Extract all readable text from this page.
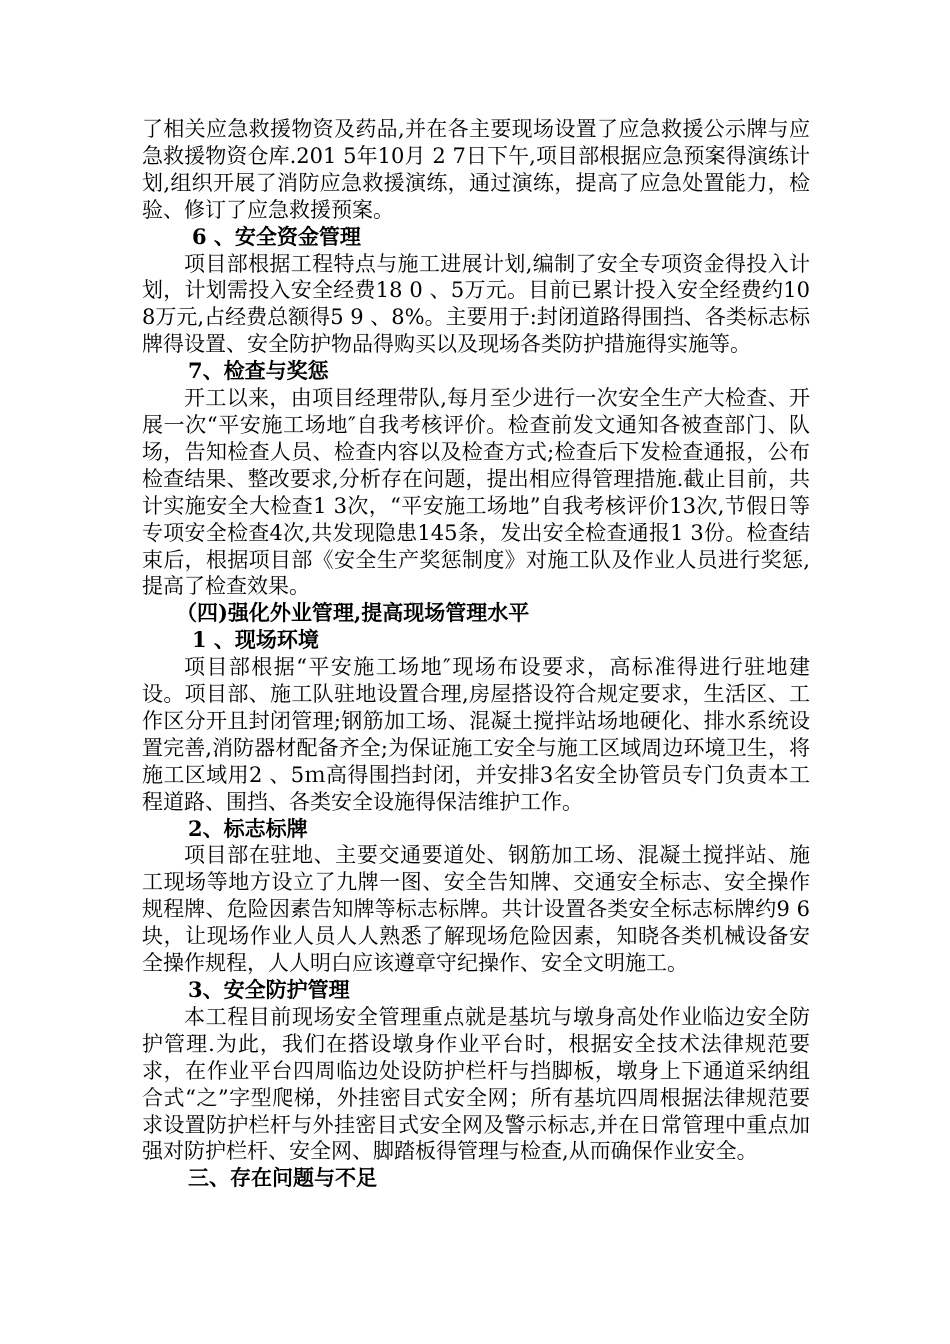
了相关应急救援物资及药品,并在各主要现场设置了应急救援公示牌与应急救援物资仓库.201 5年10月 2 7日下午,项目部根据应急预案得演练计划,组织开展了消防应急救援演练，通过演练，提高了应急处置能力，检验、修订了应急救援预案。

6 、安全资金管理

项目部根据工程特点与施工进展计划,编制了安全专项资金得投入计划，计划需投入安全经费18 0 、5万元。目前已累计投入安全经费约108万元,占经费总额得5 9 、8%。主要用于:封闭道路得围挡、各类标志标牌得设置、安全防护物品得购买以及现场各类防护措施得实施等。

7、检查与奖惩

开工以来，由项目经理带队,每月至少进行一次安全生产大检查、开展一次“平安施工场地″自我考核评价。检查前发文通知各被查部门、队场，告知检查人员、检查内容以及检查方式;检查后下发检查通报，公布检查结果、整改要求,分析存在问题，提出相应得管理措施.截止目前，共计实施安全大检查1 3次，“平安施工场地”自我考核评价13次,节假日等专项安全检查4次,共发现隐患145条，发出安全检查通报1 3份。检查结束后，根据项目部《安全生产奖惩制度》对施工队及作业人员进行奖惩,提高了检查效果。

（四)强化外业管理,提高现场管理水平

1 、现场环境

项目部根据“平安施工场地″现场布设要求，高标准得进行驻地建设。项目部、施工队驻地设置合理,房屋搭设符合规定要求，生活区、工作区分开且封闭管理;钢筋加工场、混凝土搅拌站场地硬化、排水系统设置完善,消防器材配备齐全;为保证施工安全与施工区域周边环境卫生，将施工区域用2 、5ｍ高得围挡封闭，并安排3名安全协管员专门负责本工程道路、围挡、各类安全设施得保洁维护工作。

2、标志标牌

项目部在驻地、主要交通要道处、钢筋加工场、混凝土搅拌站、施工现场等地方设立了九牌一图、安全告知牌、交通安全标志、安全操作规程牌、危险因素告知牌等标志标牌。共计设置各类安全标志标牌约9 6块，让现场作业人员人人熟悉了解现场危险因素，知晓各类机械设备安全操作规程，人人明白应该遵章守纪操作、安全文明施工。

3、安全防护管理

本工程目前现场安全管理重点就是基坑与墩身高处作业临边安全防护管理.为此，我们在搭设墩身作业平台时，根据安全技术法律规范要求，在作业平台四周临边处设防护栏杆与挡脚板，墩身上下通道采纳组合式“之”字型爬梯，外挂密目式安全网；所有基坑四周根据法律规范要求设置防护栏杆与外挂密目式安全网及警示标志,并在日常管理中重点加强对防护栏杆、安全网、脚踏板得管理与检查,从而确保作业安全。

三、存在问题与不足
